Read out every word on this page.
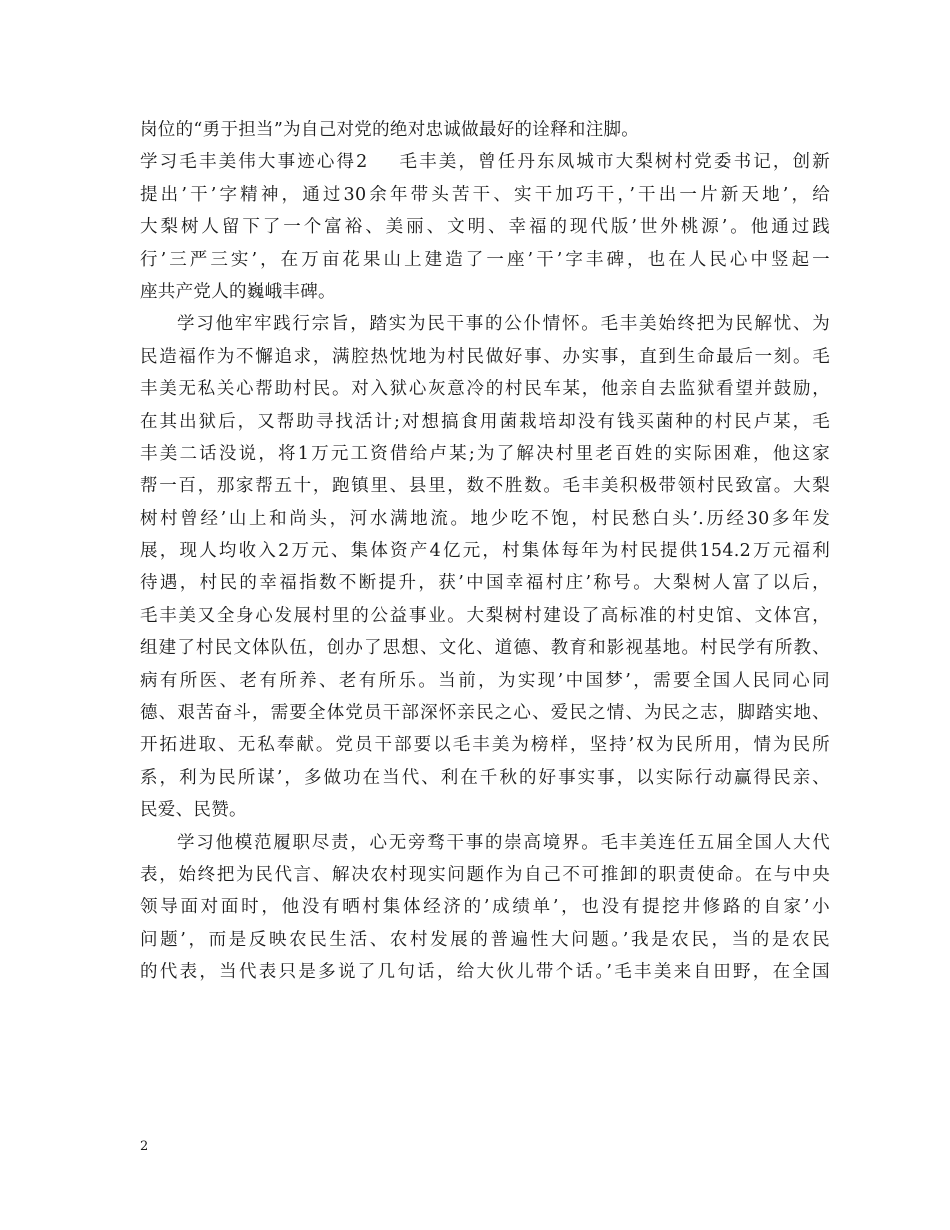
岗位的“勇于担当”为自己对党的绝对忠诚做最好的诠释和注脚。
学习毛丰美伟大事迹心得2 毛丰美，曾任丹东凤城市大梨树村党委书记，创新
提出’干’字精神，通过30余年带头苦干、实干加巧干，’干出一片新天地’，给
大梨树人留下了一个富裕、美丽、文明、幸福的现代版’世外桃源’。他通过践
行’三严三实’，在万亩花果山上建造了一座’干’字丰碑，也在人民心中竖起一
座共产党人的巍峨丰碑。
学习他牢牢践行宗旨，踏实为民干事的公仆情怀。毛丰美始终把为民解忧、为
民造福作为不懈追求，满腔热忱地为村民做好事、办实事，直到生命最后一刻。毛
丰美无私关心帮助村民。对入狱心灰意冷的村民车某，他亲自去监狱看望并鼓励，
在其出狱后，又帮助寻找活计;对想搞食用菌栽培却没有钱买菌种的村民卢某，毛
丰美二话没说，将1万元工资借给卢某;为了解决村里老百姓的实际困难，他这家
帮一百，那家帮五十，跑镇里、县里，数不胜数。毛丰美积极带领村民致富。大梨
树村曾经’山上和尚头，河水满地流。地少吃不饱，村民愁白头’.历经30多年发
展，现人均收入2万元、集体资产4亿元，村集体每年为村民提供154.2万元福利
待遇，村民的幸福指数不断提升，获’中国幸福村庄’称号。大梨树人富了以后，
毛丰美又全身心发展村里的公益事业。大梨树村建设了高标准的村史馆、文体宫，
组建了村民文体队伍，创办了思想、文化、道德、教育和影视基地。村民学有所教、
病有所医、老有所养、老有所乐。当前，为实现’中国梦’，需要全国人民同心同
德、艰苦奋斗，需要全体党员干部深怀亲民之心、爱民之情、为民之志，脚踏实地、
开拓进取、无私奉献。党员干部要以毛丰美为榜样，坚持’权为民所用，情为民所
系，利为民所谋’，多做功在当代、利在千秋的好事实事，以实际行动赢得民亲、
民爱、民赞。
学习他模范履职尽责，心无旁骛干事的崇高境界。毛丰美连任五届全国人大代
表，始终把为民代言、解决农村现实问题作为自己不可推卸的职责使命。在与中央
领导面对面时，他没有晒村集体经济的’成绩单’，也没有提挖井修路的自家’小
问题’，而是反映农民生活、农村发展的普遍性大问题。’我是农民，当的是农民
的代表，当代表只是多说了几句话，给大伙儿带个话。’毛丰美来自田野，在全国
2
